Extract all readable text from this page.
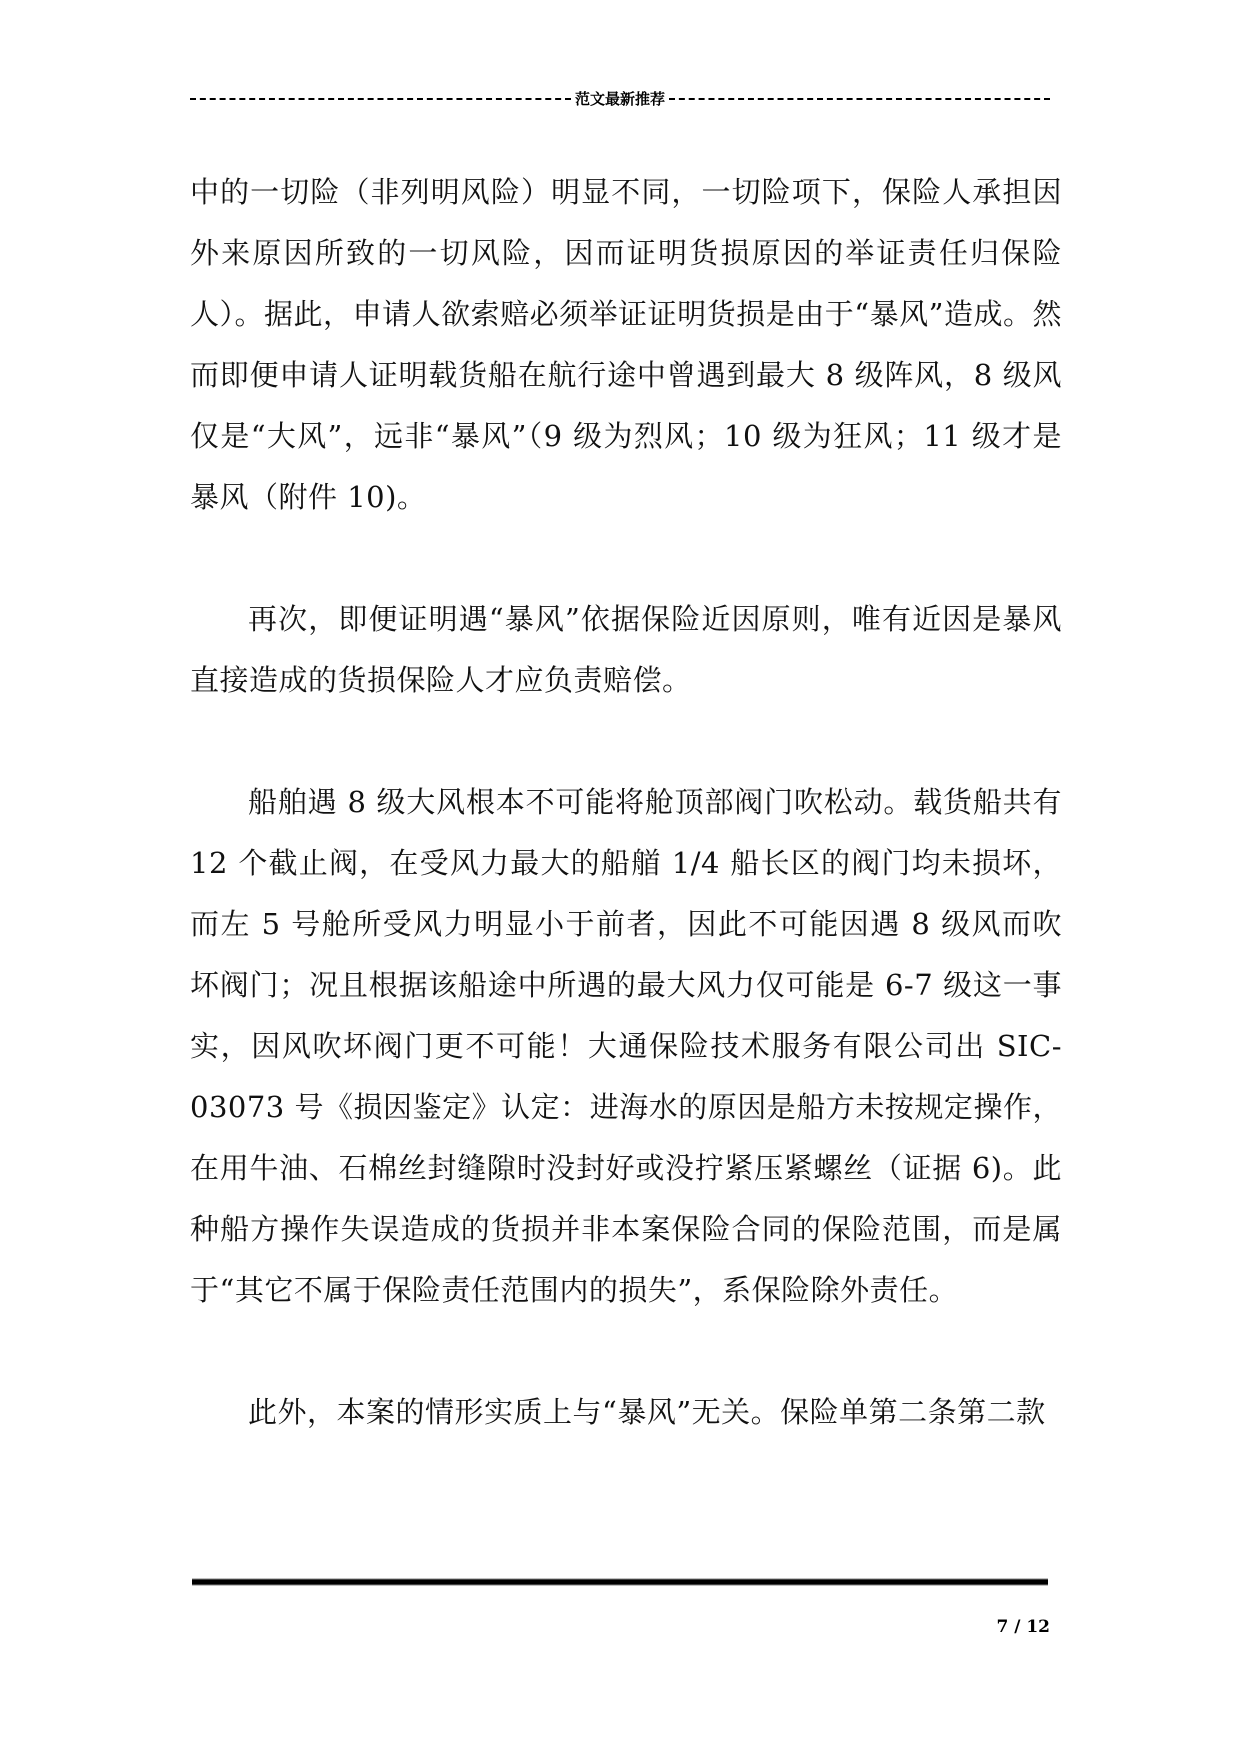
范文最新推荐

中的一切险（非列明风险）明显不同，一切险项下，保险人承担因外来原因所致的一切风险，因而证明货损原因的举证责任归保险人）。据此，申请人欲索赔必须举证证明货损是由于“暴风”造成。然而即便申请人证明载货船在航行途中曾遇到最大 8 级阵风，8 级风仅是“大风”，远非“暴风”（9 级为烈风；10 级为狂风；11 级才是暴风（附件 10)。

再次，即便证明遇“暴风”依据保险近因原则，唯有近因是暴风直接造成的货损保险人才应负责赔偿。

船舶遇 8 级大风根本不可能将舱顶部阀门吹松动。载货船共有 12 个截止阀，在受风力最大的船艏 1/4 船长区的阀门均未损坏，而左 5 号舱所受风力明显小于前者，因此不可能因遇 8 级风而吹坏阀门；况且根据该船途中所遇的最大风力仅可能是 6-7 级这一事实，因风吹坏阀门更不可能！大通保险技术服务有限公司出 SIC-03073 号《损因鉴定》认定：进海水的原因是船方未按规定操作，在用牛油、石棉丝封缝隙时没封好或没拧紧压紧螺丝（证据 6)。此种船方操作失误造成的货损并非本案保险合同的保险范围，而是属于“其它不属于保险责任范围内的损失”，系保险除外责任。

此外，本案的情形实质上与“暴风”无关。保险单第二条第二款

7 / 12
